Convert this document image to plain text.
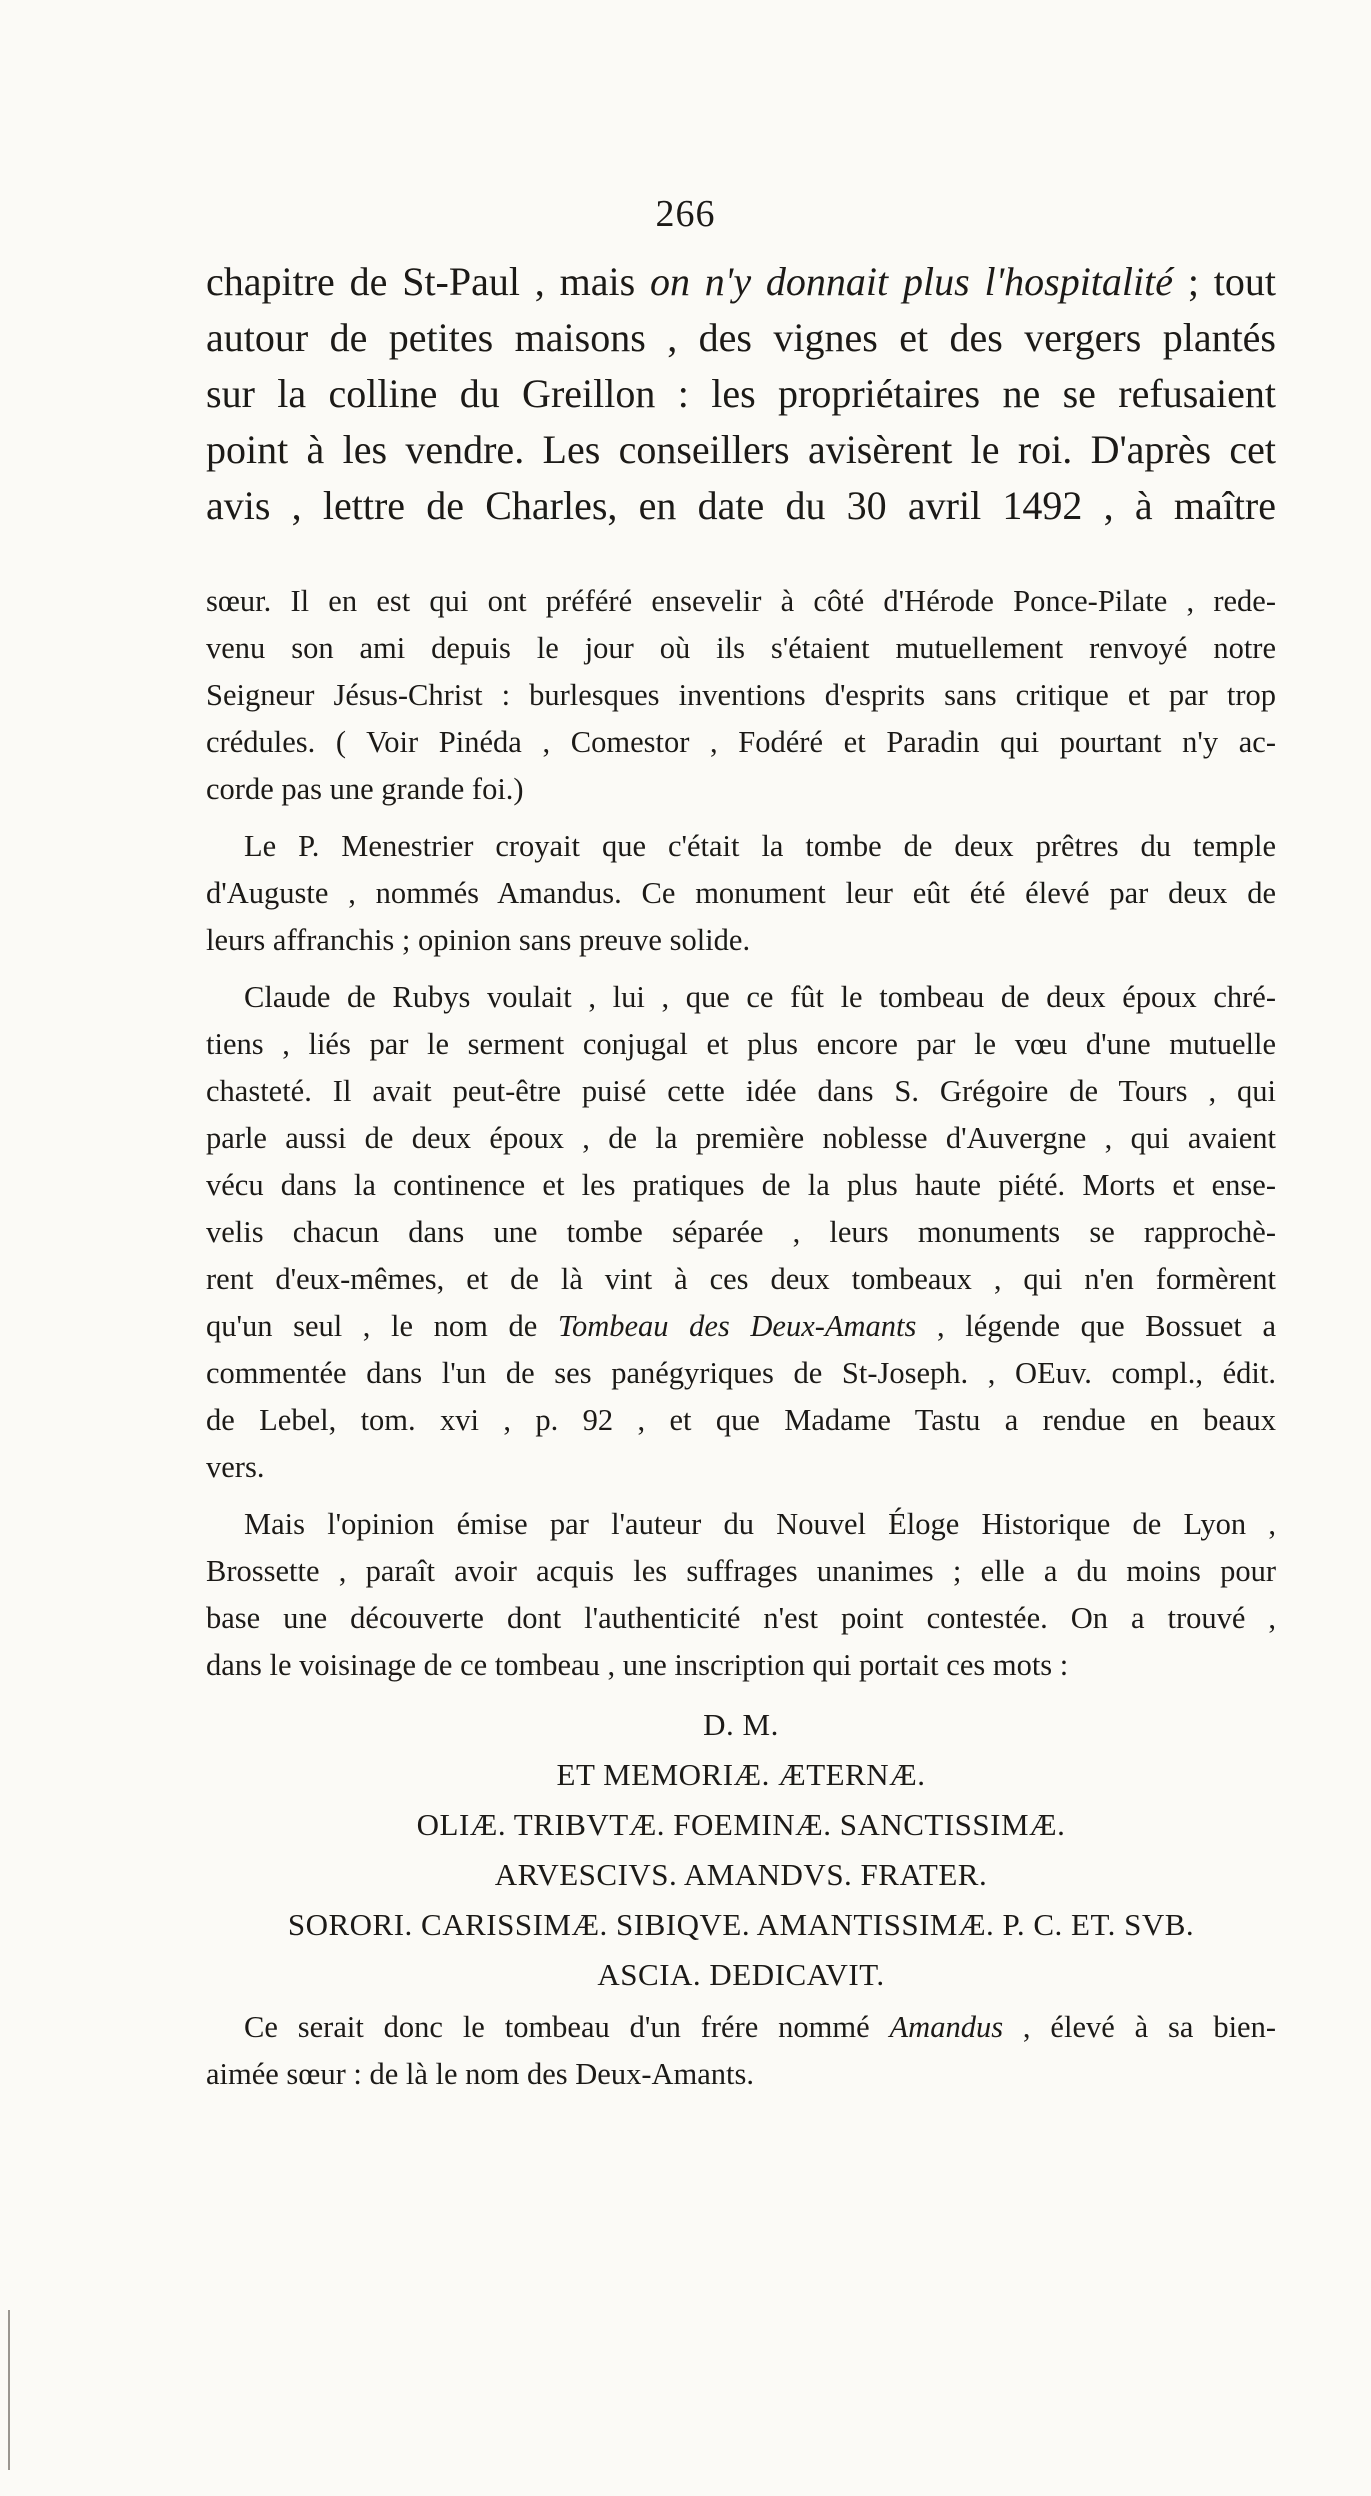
266
chapitre de St-Paul , mais on n'y donnait plus l'hospitalité ; tout
autour de petites maisons , des vignes et des vergers plantés
sur la colline du Greillon : les propriétaires ne se refusaient
point à les vendre. Les conseillers avisèrent le roi. D'après cet
avis , lettre de Charles, en date du 30 avril 1492 , à maître

sœur. Il en est qui ont préféré ensevelir à côté d'Hérode Ponce-Pilate , rede-
venu son ami depuis le jour où ils s'étaient mutuellement renvoyé notre
Seigneur Jésus-Christ : burlesques inventions d'esprits sans critique et par trop
crédules. ( Voir Pinéda , Comestor , Fodéré et Paradin qui pourtant n'y ac-
corde pas une grande foi.)

Le P. Menestrier croyait que c'était la tombe de deux prêtres du temple
d'Auguste , nommés Amandus. Ce monument leur eût été élevé par deux de
leurs affranchis ; opinion sans preuve solide.

Claude de Rubys voulait , lui , que ce fût le tombeau de deux époux chré-
tiens , liés par le serment conjugal et plus encore par le vœu d'une mutuelle
chasteté. Il avait peut-être puisé cette idée dans S. Grégoire de Tours , qui
parle aussi de deux époux , de la première noblesse d'Auvergne , qui avaient
vécu dans la continence et les pratiques de la plus haute piété. Morts et ense-
velis chacun dans une tombe séparée , leurs monuments se rapprochè-
rent d'eux-mêmes, et de là vint à ces deux tombeaux , qui n'en formèrent
qu'un seul , le nom de Tombeau des Deux-Amants , légende que Bossuet a
commentée dans l'un de ses panégyriques de St-Joseph. , OEuv. compl., édit.
de Lebel, tom. xvi , p. 92 , et que Madame Tastu a rendue en beaux
vers.

Mais l'opinion émise par l'auteur du Nouvel Éloge Historique de Lyon ,
Brossette , paraît avoir acquis les suffrages unanimes ; elle a du moins pour
base une découverte dont l'authenticité n'est point contestée. On a trouvé ,
dans le voisinage de ce tombeau , une inscription qui portait ces mots :

D. M.
ET MEMORIÆ. ÆTERNÆ.
OLIÆ. TRIBVTÆ. FOEMINÆ. SANCTISSIMÆ.
ARVESCIVS. AMANDVS. FRATER.
SORORI. CARISSIMÆ. SIBIQVE. AMANTISSIMÆ. P. C. ET. SVB.
ASCIA. DEDICAVIT.
Ce serait donc le tombeau d'un frére nommé Amandus , élevé à sa bien-
aimée sœur : de là le nom des Deux-Amants.
